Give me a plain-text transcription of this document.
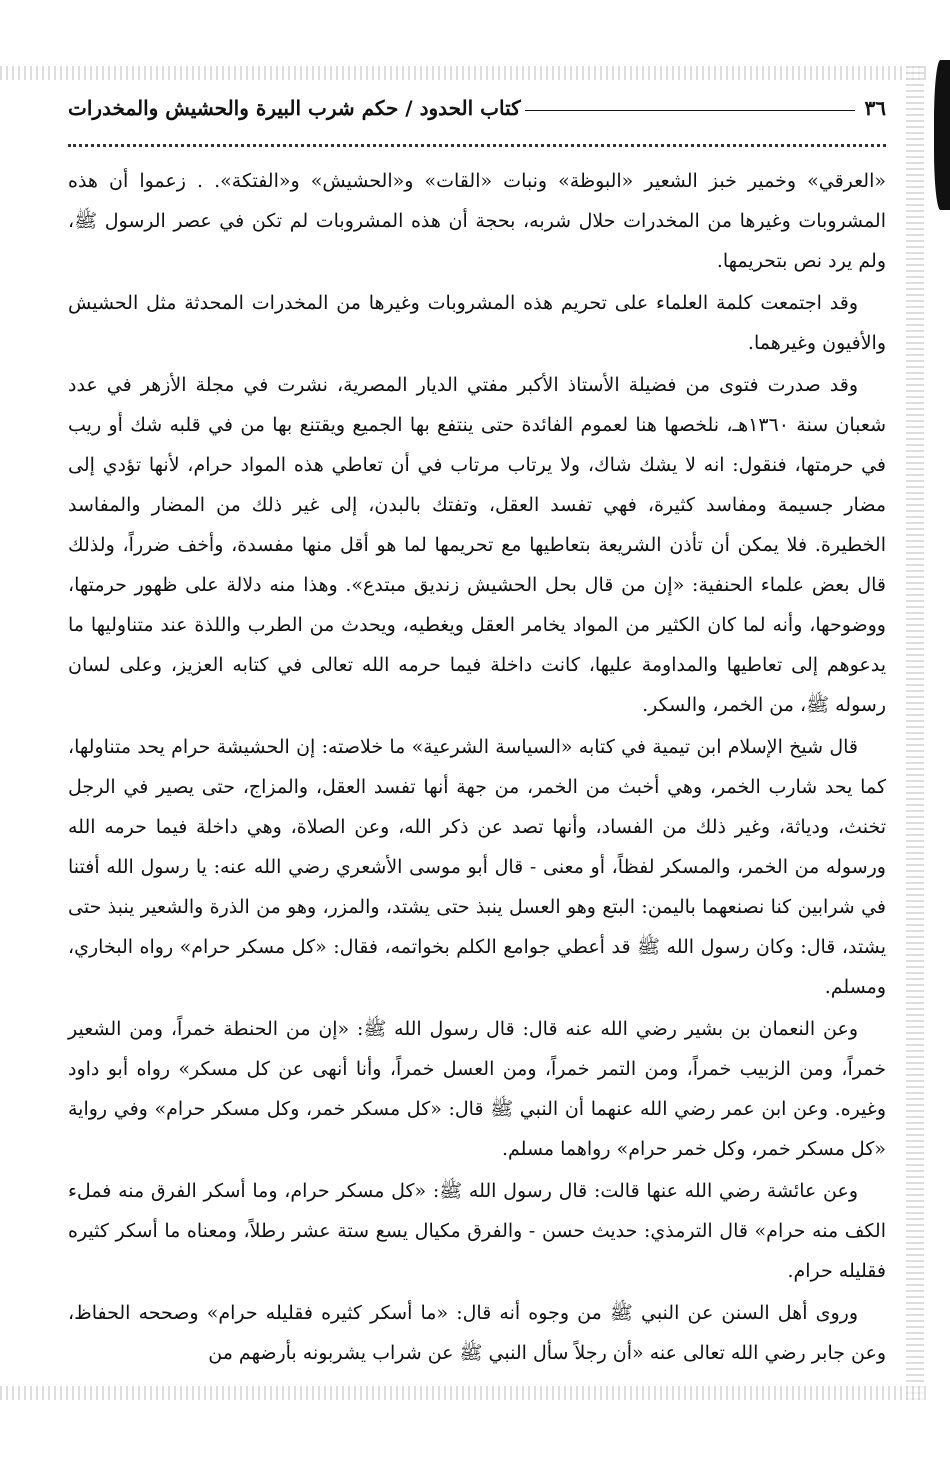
٣٦
كتاب الحدود / حكم شرب البيرة والحشيش والمخدرات

«العرقي» وخمير خبز الشعير «البوظة» ونبات «القات» و«الحشيش» و«الفتكة». . زعموا أن هذه المشروبات وغيرها من المخدرات حلال شربه، بحجة أن هذه المشروبات لم تكن في عصر الرسول ﷺ، ولم يرد نص بتحريمها.

وقد اجتمعت كلمة العلماء على تحريم هذه المشروبات وغيرها من المخدرات المحدثة مثل الحشيش والأفيون وغيرهما.

وقد صدرت فتوى من فضيلة الأستاذ الأكبر مفتي الديار المصرية، نشرت في مجلة الأزهر في عدد شعبان سنة ١٣٦٠هـ، نلخصها هنا لعموم الفائدة حتى ينتفع بها الجميع ويقتنع بها من في قلبه شك أو ريب في حرمتها، فنقول: انه لا يشك شاك، ولا يرتاب مرتاب في أن تعاطي هذه المواد حرام، لأنها تؤدي إلى مضار جسيمة ومفاسد كثيرة، فهي تفسد العقل، وتفتك بالبدن، إلى غير ذلك من المضار والمفاسد الخطيرة. فلا يمكن أن تأذن الشريعة بتعاطيها مع تحريمها لما هو أقل منها مفسدة، وأخف ضرراً، ولذلك قال بعض علماء الحنفية: «إن من قال بحل الحشيش زنديق مبتدع». وهذا منه دلالة على ظهور حرمتها، ووضوحها، وأنه لما كان الكثير من المواد يخامر العقل ويغطيه، ويحدث من الطرب واللذة عند متناوليها ما يدعوهم إلى تعاطيها والمداومة عليها، كانت داخلة فيما حرمه الله تعالى في كتابه العزيز، وعلى لسان رسوله ﷺ، من الخمر، والسكر.

قال شيخ الإسلام ابن تيمية في كتابه «السياسة الشرعية» ما خلاصته: إن الحشيشة حرام يحد متناولها، كما يحد شارب الخمر، وهي أخبث من الخمر، من جهة أنها تفسد العقل، والمزاج، حتى يصير في الرجل تخنث، ودياثة، وغير ذلك من الفساد، وأنها تصد عن ذكر الله، وعن الصلاة، وهي داخلة فيما حرمه الله ورسوله من الخمر، والمسكر لفظاً، أو معنى - قال أبو موسى الأشعري رضي الله عنه: يا رسول الله أفتنا في شرابين كنا نصنعهما باليمن: البتع وهو العسل ينبذ حتى يشتد، والمزر، وهو من الذرة والشعير ينبذ حتى يشتد، قال: وكان رسول الله ﷺ قد أعطي جوامع الكلم بخواتمه، فقال: «كل مسكر حرام» رواه البخاري، ومسلم.

وعن النعمان بن بشير رضي الله عنه قال: قال رسول الله ﷺ: «إن من الحنطة خمراً، ومن الشعير خمراً، ومن الزبيب خمراً، ومن التمر خمراً، ومن العسل خمراً، وأنا أنهى عن كل مسكر» رواه أبو داود وغيره. وعن ابن عمر رضي الله عنهما أن النبي ﷺ قال: «كل مسكر خمر، وكل مسكر حرام» وفي رواية «كل مسكر خمر، وكل خمر حرام» رواهما مسلم.

وعن عائشة رضي الله عنها قالت: قال رسول الله ﷺ: «كل مسكر حرام، وما أسكر الفرق منه فملء الكف منه حرام» قال الترمذي: حديث حسن - والفرق مكيال يسع ستة عشر رطلاً، ومعناه ما أسكر كثيره فقليله حرام.

وروى أهل السنن عن النبي ﷺ من وجوه أنه قال: «ما أسكر كثيره فقليله حرام» وصححه الحفاظ، وعن جابر رضي الله تعالى عنه «أن رجلاً سأل النبي ﷺ عن شراب يشربونه بأرضهم من
